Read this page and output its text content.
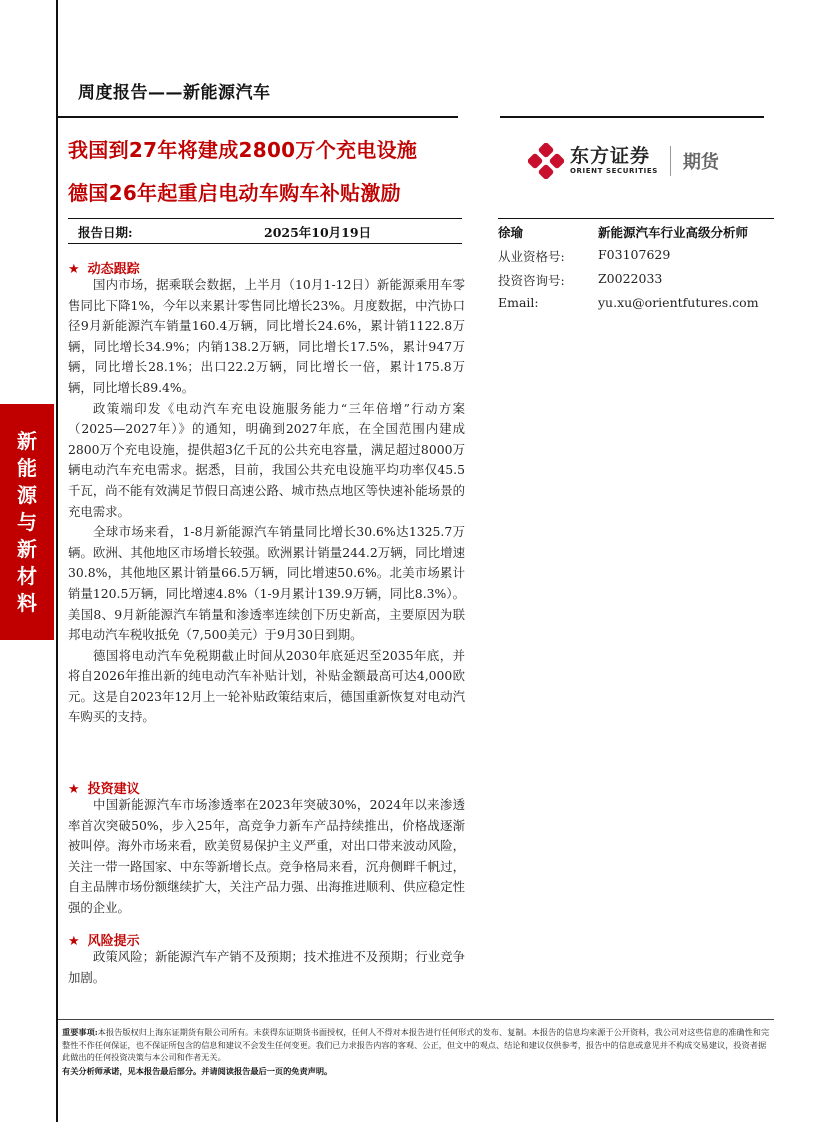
新
能
源
与
新
材
料
周度报告——新能源汽车
我国到27年将建成2800万个充电设施
德国26年起重启电动车购车补贴激励
东方证券
ORIENT SECURITIES 期货
报告日期:	2025年10月19日	徐瑜	新能源汽车行业高级分析师
从业资格号:	F03107629
投资咨询号:	Z0022033
Email:	yu.xu@orientfutures.com
★ 动态跟踪

国内市场，据乘联会数据，上半月（10月1-12日）新能源乘用车零售同比下降1%，今年以来累计零售同比增长23%。月度数据，中汽协口径9月新能源汽车销量160.4万辆，同比增长24.6%，累计销1122.8万辆，同比增长34.9%；内销138.2万辆，同比增长17.5%，累计947万辆，同比增长28.1%；出口22.2万辆，同比增长一倍，累计175.8万辆，同比增长89.4%。

政策端印发《电动汽车充电设施服务能力“三年倍增”行动方案（2025—2027年）》的通知，明确到2027年底，在全国范围内建成2800万个充电设施，提供超3亿千瓦的公共充电容量，满足超过8000万辆电动汽车充电需求。据悉，目前，我国公共充电设施平均功率仅45.5千瓦，尚不能有效满足节假日高速公路、城市热点地区等快速补能场景的充电需求。

全球市场来看，1-8月新能源汽车销量同比增长30.6%达1325.7万辆。欧洲、其他地区市场增长较强。欧洲累计销量244.2万辆，同比增速30.8%，其他地区累计销量66.5万辆，同比增速50.6%。北美市场累计销量120.5万辆，同比增速4.8%（1-9月累计139.9万辆，同比8.3%）。美国8、9月新能源汽车销量和渗透率连续创下历史新高，主要原因为联邦电动汽车税收抵免（7,500美元）于9月30日到期。

德国将电动汽车免税期截止时间从2030年底延迟至2035年底，并将自2026年推出新的纯电动汽车补贴计划，补贴金额最高可达4,000欧元。这是自2023年12月上一轮补贴政策结束后，德国重新恢复对电动汽车购买的支持。

★ 投资建议

中国新能源汽车市场渗透率在2023年突破30%，2024年以来渗透率首次突破50%，步入25年，高竞争力新车产品持续推出，价格战逐渐被叫停。海外市场来看，欧美贸易保护主义严重，对出口带来波动风险，关注一带一路国家、中东等新增长点。竞争格局来看，沉舟侧畔千帆过，自主品牌市场份额继续扩大，关注产品力强、出海推进顺利、供应稳定性强的企业。

★ 风险提示

政策风险；新能源汽车产销不及预期；技术推进不及预期；行业竞争加剧。

重要事项:本报告版权归上海东证期货有限公司所有。未获得东证期货书面授权，任何人不得对本报告进行任何形式的发布、复制。本报告的信息均来源于公开资料，我公司对这些信息的准确性和完整性不作任何保证，也不保证所包含的信息和建议不会发生任何变更。我们已力求报告内容的客观、公正，但文中的观点、结论和建议仅供参考，报告中的信息或意见并不构成交易建议，投资者据此做出的任何投资决策与本公司和作者无关。
有关分析师承诺，见本报告最后部分。并请阅读报告最后一页的免责声明。
